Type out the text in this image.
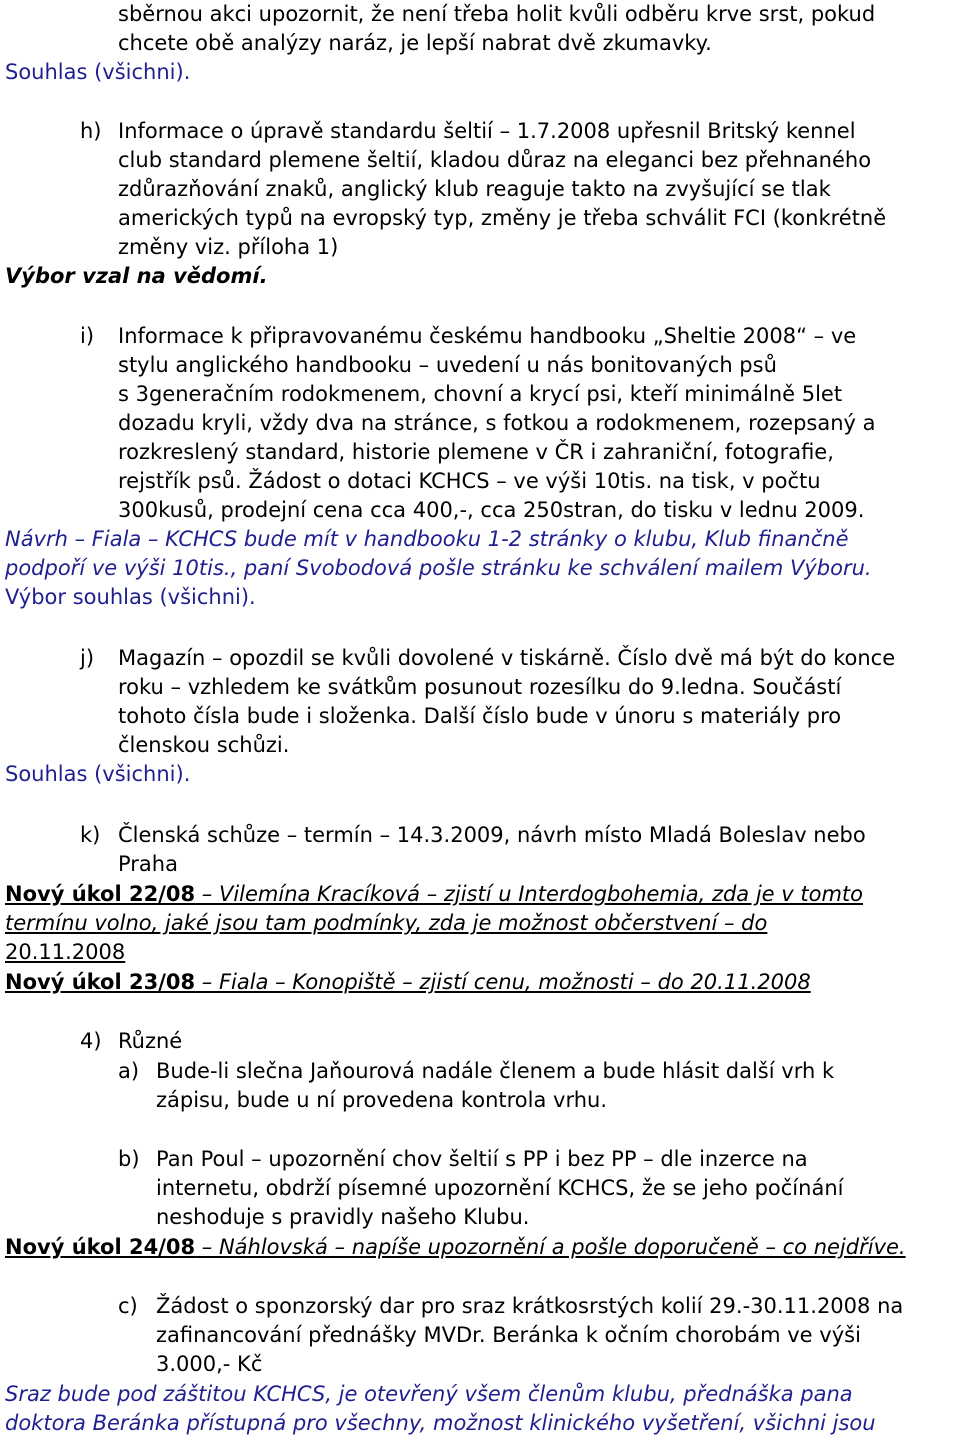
sběrnou akci upozornit, že není třeba holit kvůli odběru krve srst, pokud
chcete obě analýzy naráz, je lepší nabrat dvě zkumavky.
Souhlas (všichni).
h) Informace o úpravě standardu šeltií – 1.7.2008 upřesnil Britský kennel
club standard plemene šeltií, kladou důraz na eleganci bez přehnaného
zdůrazňování znaků, anglický klub reaguje takto na zvyšující se tlak
amerických typů na evropský typ, změny je třeba schválit FCI (konkrétně
změny viz. příloha 1)
Výbor vzal na vědomí.
i) Informace k připravovanému českému handbooku „Sheltie 2008“ – ve
stylu anglického handbooku – uvedení u nás bonitovaných psů
s 3generačním rodokmenem, chovní a krycí psi, kteří minimálně 5let
dozadu kryli, vždy dva na stránce, s fotkou a rodokmenem, rozepsaný a
rozkreslený standard, historie plemene v ČR i zahraniční, fotografie,
rejstřík psů. Žádost o dotaci KCHCS – ve výši 10tis. na tisk, v počtu
300kusů, prodejní cena cca 400,-, cca 250stran, do tisku v lednu 2009.
Návrh – Fiala – KCHCS bude mít v handbooku 1-2 stránky o klubu, Klub finančně
podpoří ve výši 10tis., paní Svobodová pošle stránku ke schválení mailem Výboru.
Výbor souhlas (všichni).
j) Magazín – opozdil se kvůli dovolené v tiskárně. Číslo dvě má být do konce
roku – vzhledem ke svátkům posunout rozesílku do 9.ledna. Součástí
tohoto čísla bude i složenka. Další číslo bude v únoru s materiály pro
členskou schůzi.
Souhlas (všichni).
k) Členská schůze – termín – 14.3.2009, návrh místo Mladá Boleslav nebo
Praha
Nový úkol 22/08 – Vilemína Kracíková – zjistí u Interdogbohemia, zda je v tomto
termínu volno, jaké jsou tam podmínky, zda je možnost občerstvení – do
20.11.2008
Nový úkol 23/08 – Fiala – Konopiště – zjistí cenu, možnosti – do 20.11.2008
4) Různé
a) Bude-li slečna Jaňourová nadále členem a bude hlásit další vrh k
zápisu, bude u ní provedena kontrola vrhu.
b) Pan Poul – upozornění chov šeltií s PP i bez PP – dle inzerce na
internetu, obdrží písemné upozornění KCHCS, že se jeho počínání
neshoduje s pravidly našeho Klubu.
Nový úkol 24/08 – Náhlovská – napíše upozornění a pošle doporučeně – co nejdříve.
c) Žádost o sponzorský dar pro sraz krátkosrstých kolií 29.-30.11.2008 na
zafinancování přednášky MVDr. Beránka k očním chorobám ve výši
3.000,- Kč
Sraz bude pod záštitou KCHCS, je otevřený všem členům klubu, přednáška pana
doktora Beránka přístupná pro všechny, možnost klinického vyšetření, všichni jsou
